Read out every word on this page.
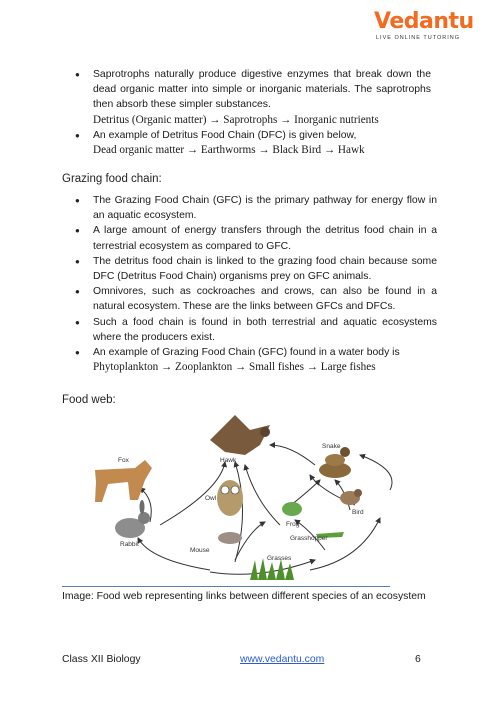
Vedantu
LIVE ONLINE TUTORING
● Saprotrophs naturally produce digestive enzymes that break down the dead organic matter into simple or inorganic materials. The saprotrophs then absorb these simpler substances.
Detritus (Organic matter) → Saprotrophs → Inorganic nutrients
● An example of Detritus Food Chain (DFC) is given below,
Dead organic matter → Earthworms → Black Bird → Hawk
Grazing food chain:
● The Grazing Food Chain (GFC) is the primary pathway for energy flow in an aquatic ecosystem.
● A large amount of energy transfers through the detritus food chain in a terrestrial ecosystem as compared to GFC.
● The detritus food chain is linked to the grazing food chain because some DFC (Detritus Food Chain) organisms prey on GFC animals.
● Omnivores, such as cockroaches and crows, can also be found in a natural ecosystem. These are the links between GFCs and DFCs.
● Such a food chain is found in both terrestrial and aquatic ecosystems where the producers exist.
● An example of Grazing Food Chain (GFC) found in a water body is
Phytoplankton → Zooplankton → Small fishes → Large fishes
Food web:
Fox	Hawk
Snake
Owl
Frog
Bird
Rabbit
Grasshopper
Mouse
Grasses
Image: Food web representing links between different species of an ecosystem
Class XII Biology	www.vedantu.com	6
